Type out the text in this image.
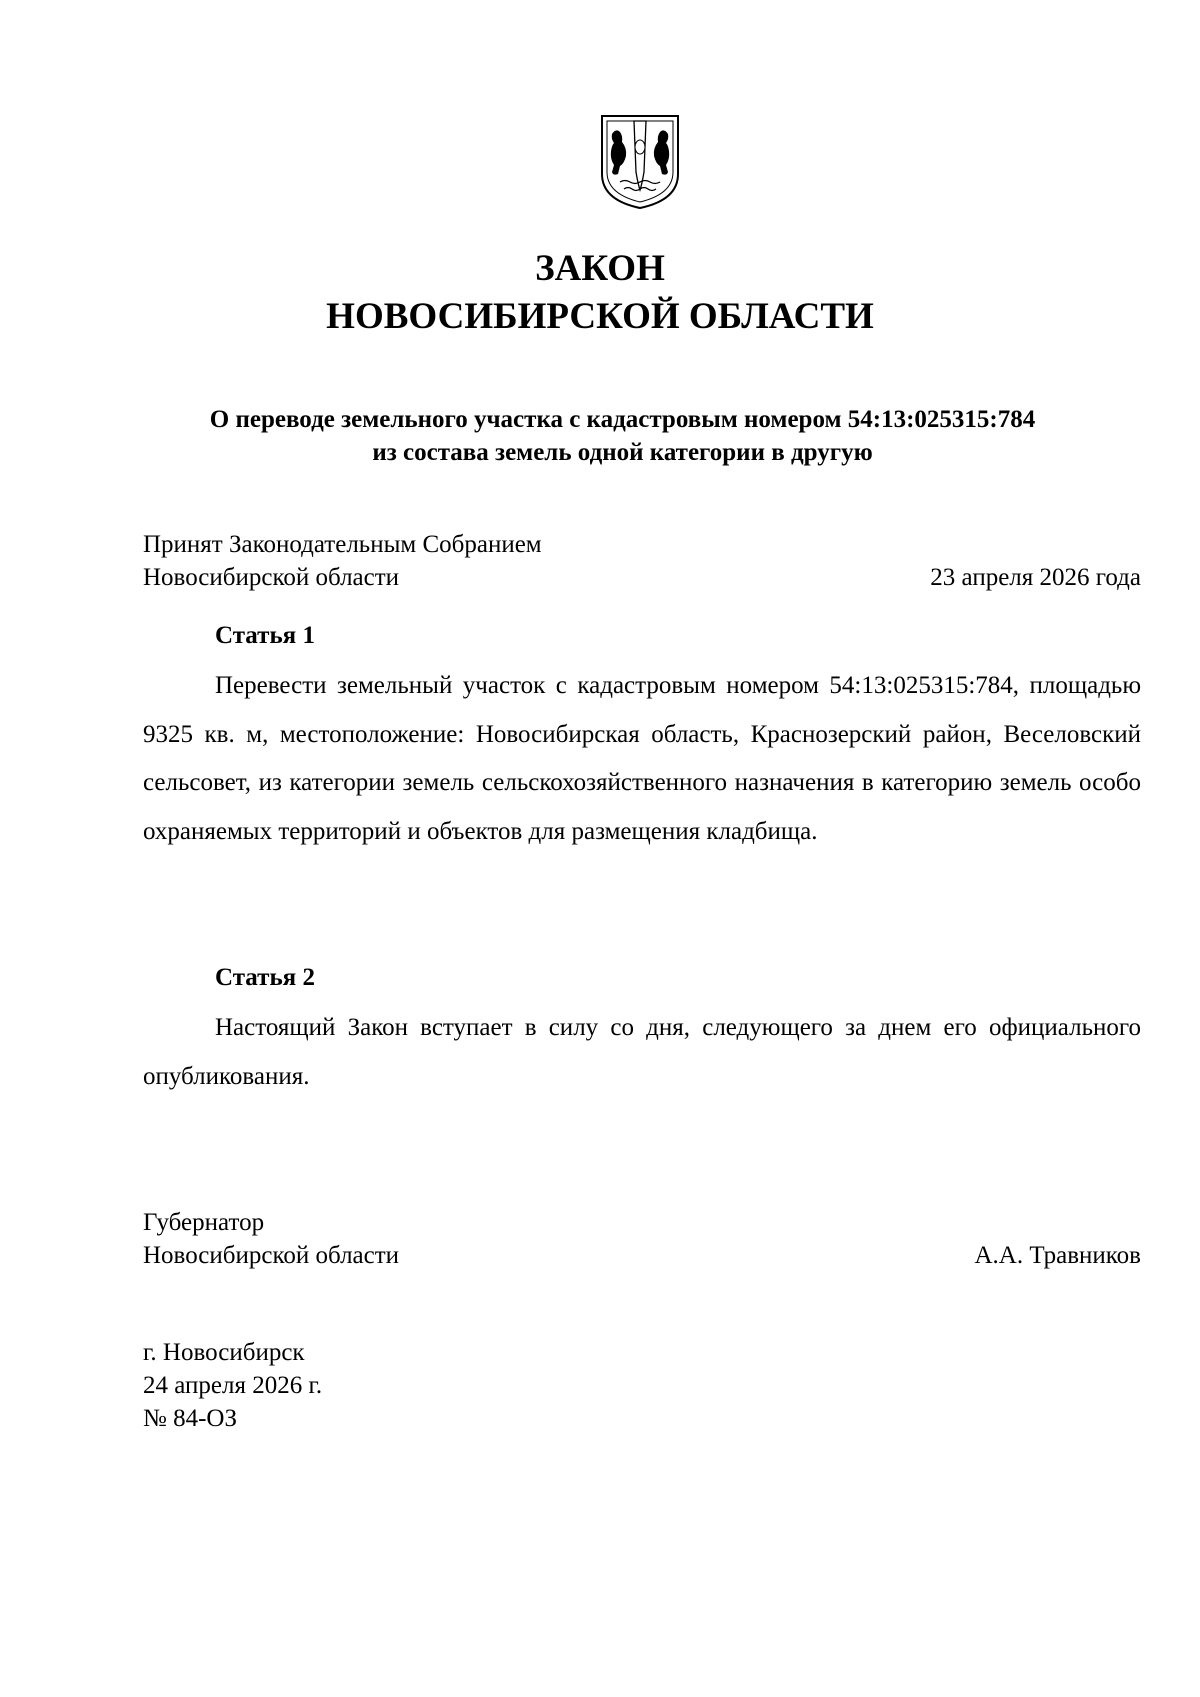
ЗАКОН
НОВОСИБИРСКОЙ ОБЛАСТИ
О переводе земельного участка с кадастровым номером 54:13:025315:784
из состава земель одной категории в другую
Принят Законодательным Собранием
Новосибирской области	23 апреля 2026 года
Статья 1

Перевести земельный участок с кадастровым номером 54:13:025315:784, площадью 9325 кв. м, местоположение: Новосибирская область, Краснозерский район, Веселовский сельсовет, из категории земель сельскохозяйственного назначения в категорию земель особо охраняемых территорий и объектов для размещения кладбища.

Статья 2

Настоящий Закон вступает в силу со дня, следующего за днем его официального опубликования.

Губернатор
Новосибирской области	А.А. Травников
г. Новосибирск
24 апреля 2026 г.
№ 84-ОЗ
